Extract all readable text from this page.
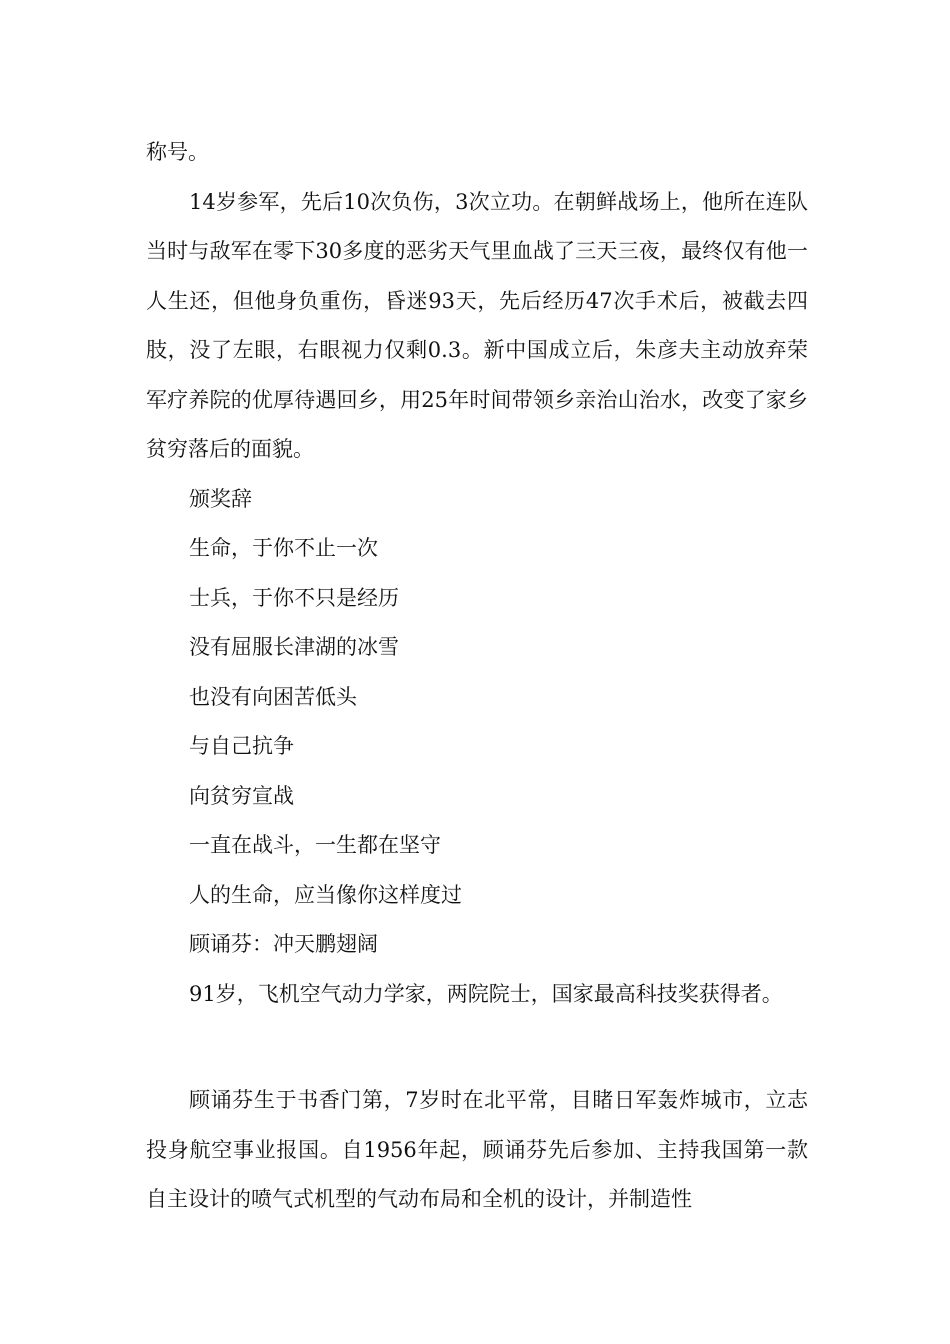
称号。

14岁参军，先后10次负伤，3次立功。在朝鲜战场上，他所在连队当时与敌军在零下30多度的恶劣天气里血战了三天三夜，最终仅有他一人生还，但他身负重伤，昏迷93天，先后经历47次手术后，被截去四肢，没了左眼，右眼视力仅剩0.3。新中国成立后，朱彦夫主动放弃荣军疗养院的优厚待遇回乡，用25年时间带领乡亲治山治水，改变了家乡贫穷落后的面貌。

颁奖辞

生命，于你不止一次

士兵，于你不只是经历

没有屈服长津湖的冰雪

也没有向困苦低头

与自己抗争

向贫穷宣战

一直在战斗，一生都在坚守

人的生命，应当像你这样度过

顾诵芬：冲天鹏翅阔

91岁，飞机空气动力学家，两院院士，国家最高科技奖获得者。

顾诵芬生于书香门第，7岁时在北平常，目睹日军轰炸城市，立志投身航空事业报国。自1956年起，顾诵芬先后参加、主持我国第一款自主设计的喷气式机型的气动布局和全机的设计，并制造性
